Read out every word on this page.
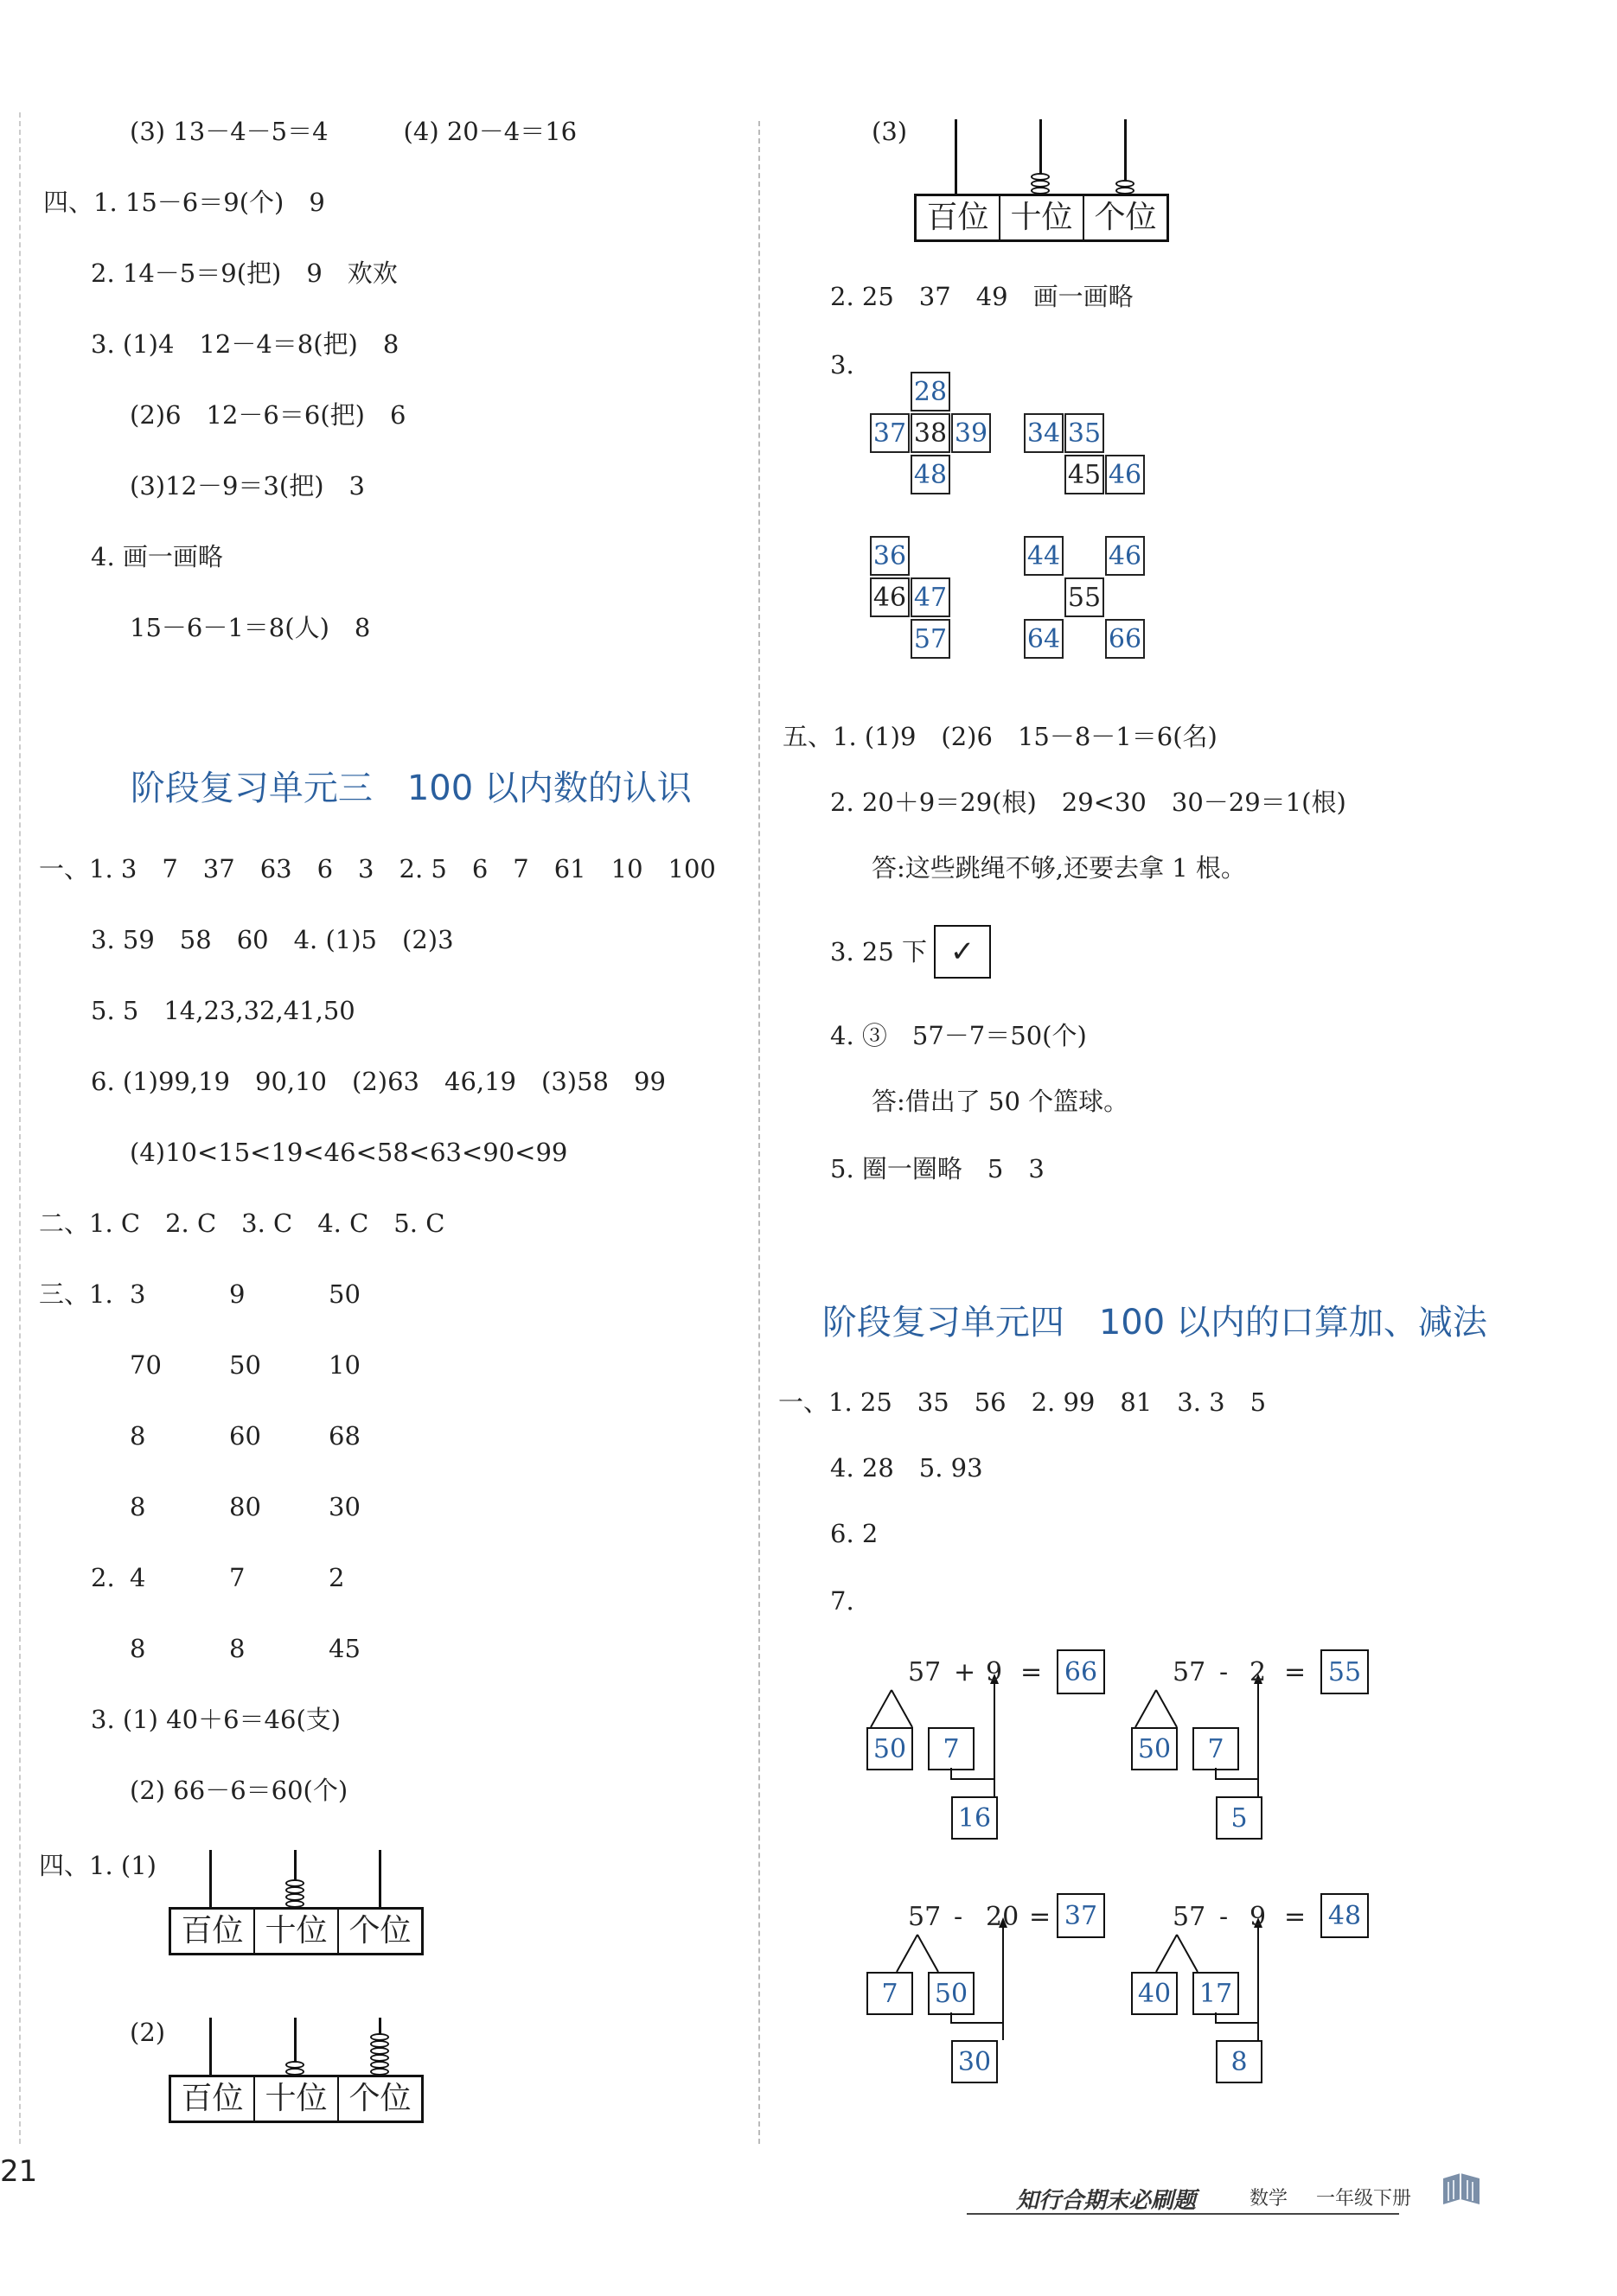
(3) 13－4－5＝4　　　(4) 20－4＝16
四、1. 15－6＝9(个)　9
2. 14－5＝9(把)　9　欢欢
3. (1)4　12－4＝8(把)　8
(2)6　12－6＝6(把)　6
(3)12－9＝3(把)　3
4. 画一画略
15－6－1＝8(人)　8

阶段复习单元三 100 以内数的认识

一、1. 3　7　37　63　6　3　2. 5　6　7　61　10　100
3. 59　58　60　4. (1)5　(2)3
5. 5　14,23,32,41,50
6. (1)99,19　90,10　(2)63　46,19　(3)58　99
(4)10<15<19<46<58<63<90<99
二、1. C　2. C　3. C　4. C　5. C
三、1. 3	9	50
70	50	10
8	60	68
8	80	30
2. 4	7	2
8	8	45
3. (1) 40＋6＝46(支)
(2) 66－6＝60(个)
四、1. (1)
百位 十位 个位
(2)
百位 十位 个位
(3)
百位 十位 个位
2. 25　37　49　画一画略
3.
28
37 38 39
48
34 35
45 46
36
46 47
57
44 46
55
64 66
五、1. (1)9　(2)6　15－8－1＝6(名)
2. 20＋9＝29(根)　29<30　30－29＝1(根)
答:这些跳绳不够,还要去拿 1 根。
3. 25 下 ✓
4. ③　57－7＝50(个)
答:借出了 50 个篮球。
5. 圈一圈略　5　3

阶段复习单元四 100 以内的口算加、减法

一、1. 25　35　56　2. 99　81　3. 3　5
4. 28　5. 93
6. 2
7.
57 + 9 = 66
50	7
16
57 - 2 = 55
50	7
5
57 - 20 = 37
7	50
30
57 - 9 = 48
40 17
8
21
知行合期末必刷题	数学 一年级下册
